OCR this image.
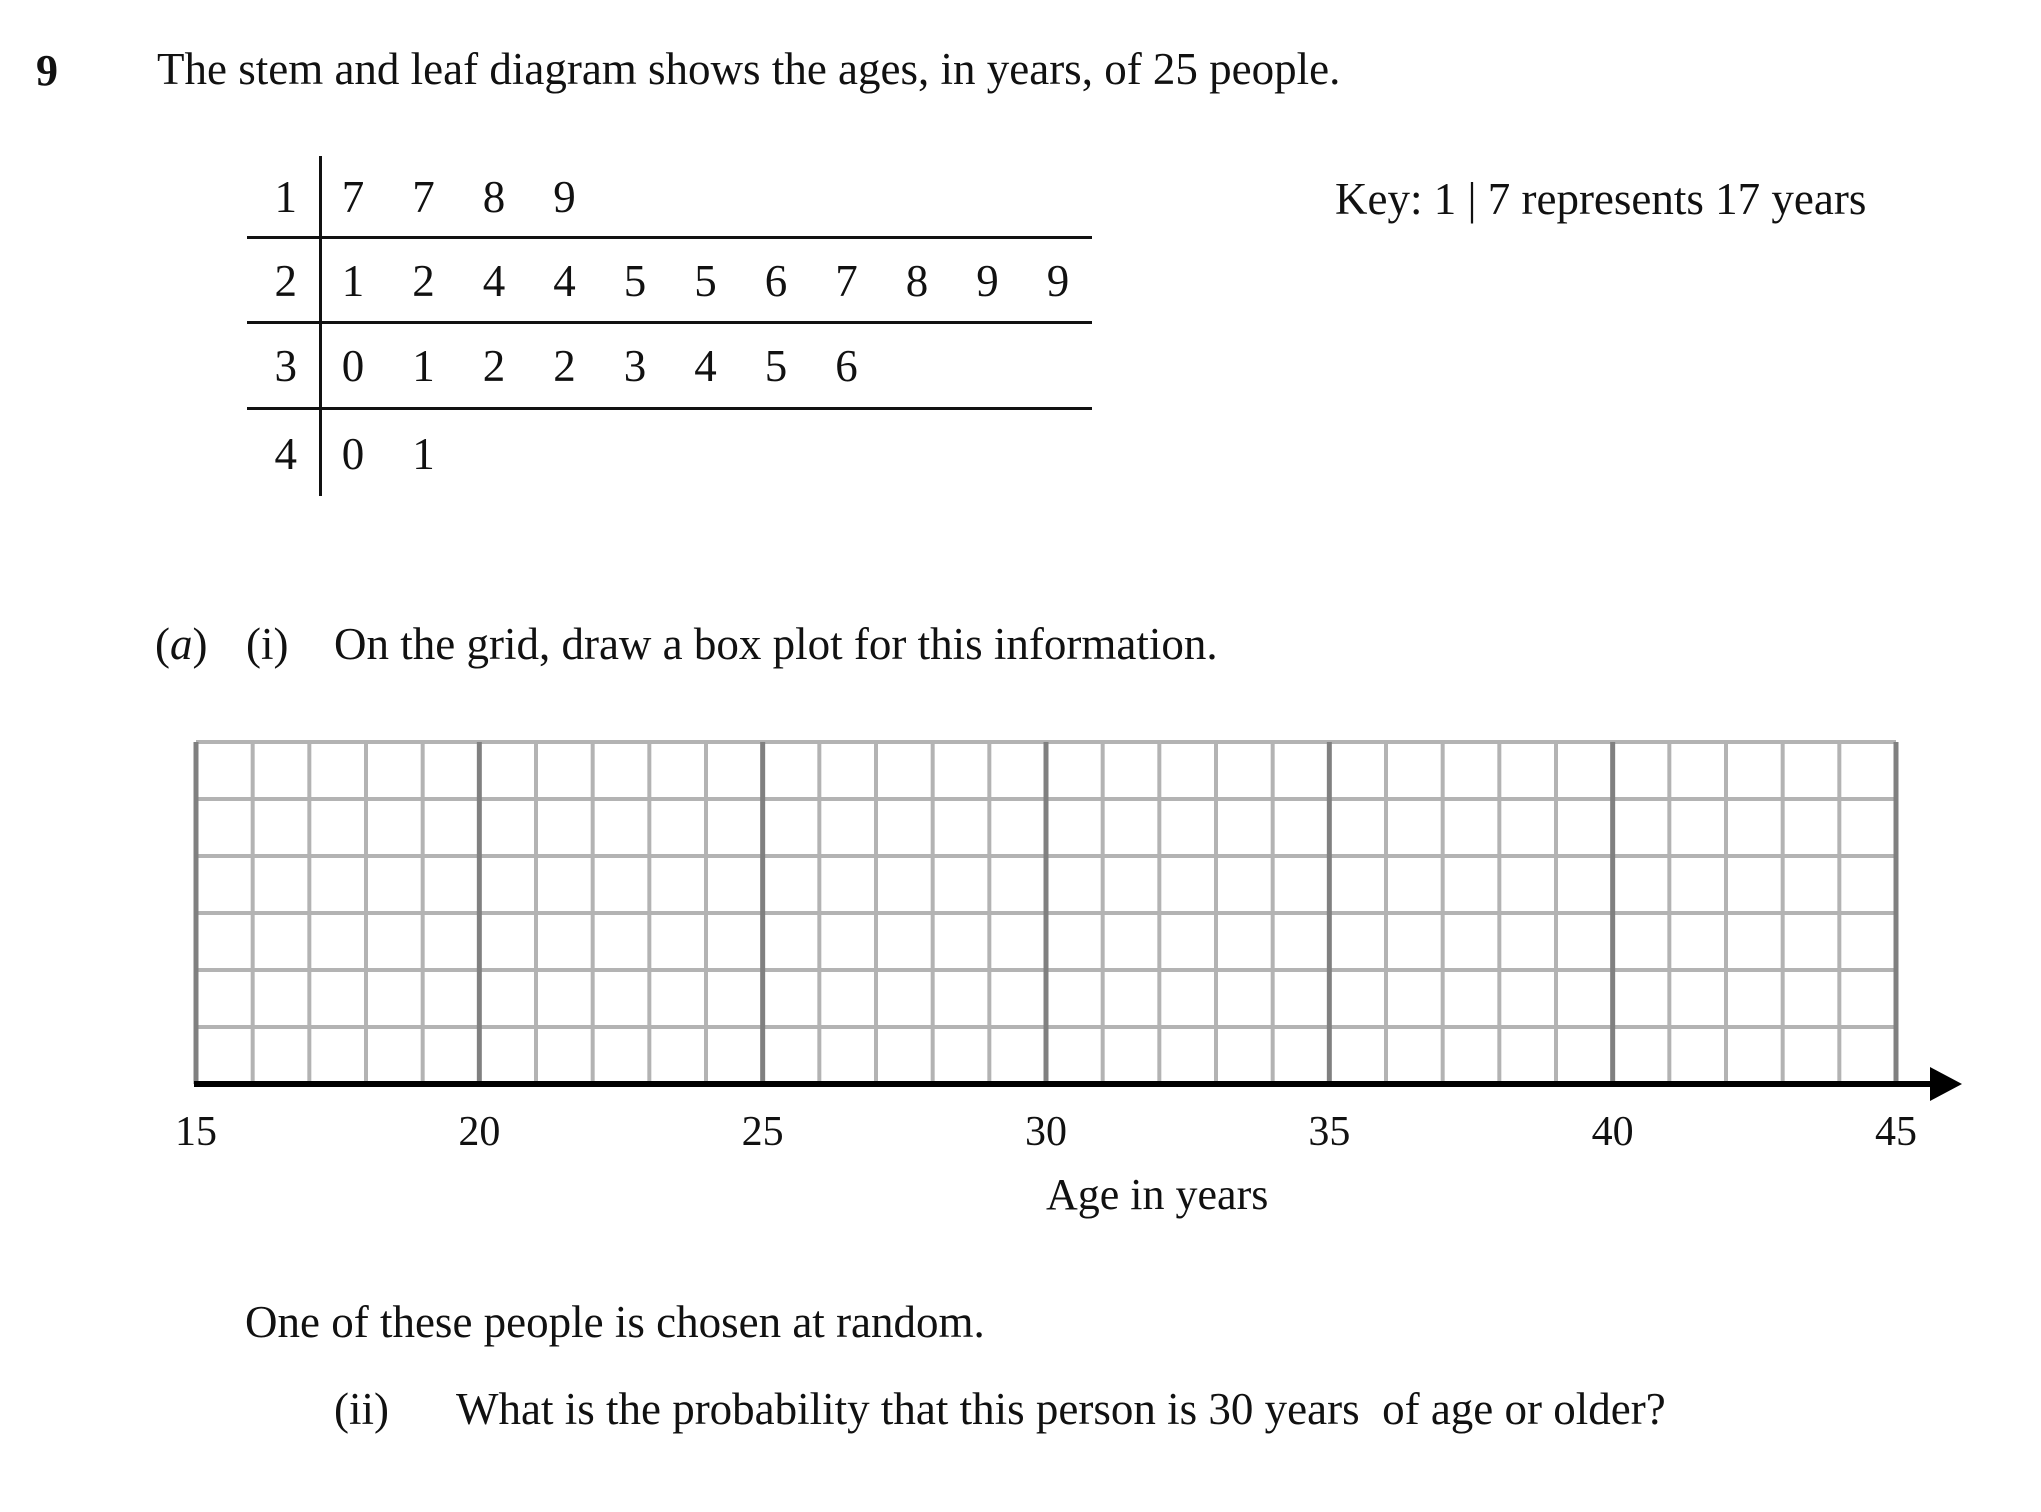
9 The stem and leaf diagram shows the ages, in years, of 25 people.
1 7 7 8 9
2 1 2 4 4 5 5 6 7 8 9 9
3 0 1 2 2 3 4 5 6
4 0 1
Key: 1 | 7 represents 17 years
(a) (i) On the grid, draw a box plot for this information.
15	20	25	30	35	40	45
Age in years
One of these people is chosen at random.
(ii) What is the probability that this person is 30 years  of age or older?
